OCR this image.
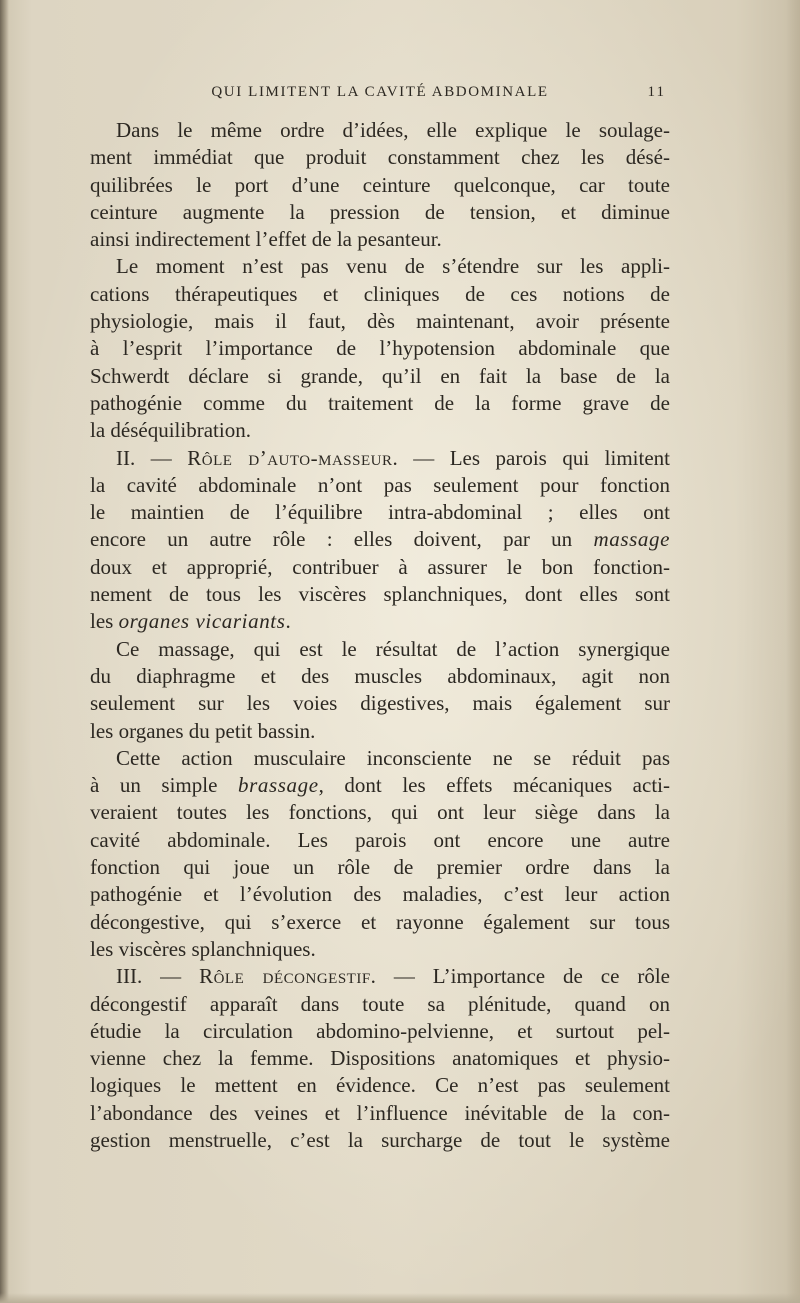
QUI LIMITENT LA CAVITÉ ABDOMINALE	11
Dans le même ordre d’idées, elle explique le soulage-
ment immédiat que produit constamment chez les désé-
quilibrées le port d’une ceinture quelconque, car toute
ceinture augmente la pression de tension, et diminue
ainsi indirectement l’effet de la pesanteur.
Le moment n’est pas venu de s’étendre sur les appli-
cations thérapeutiques et cliniques de ces notions de
physiologie, mais il faut, dès maintenant, avoir présente
à l’esprit l’importance de l’hypotension abdominale que
Schwerdt déclare si grande, qu’il en fait la base de la
pathogénie comme du traitement de la forme grave de
la déséquilibration.
II. — Rôle d’auto-masseur. — Les parois qui limitent
la cavité abdominale n’ont pas seulement pour fonction
le maintien de l’équilibre intra-abdominal ; elles ont
encore un autre rôle : elles doivent, par un massage
doux et approprié, contribuer à assurer le bon fonction-
nement de tous les viscères splanchniques, dont elles sont
les organes vicariants.
Ce massage, qui est le résultat de l’action synergique
du diaphragme et des muscles abdominaux, agit non
seulement sur les voies digestives, mais également sur
les organes du petit bassin.
Cette action musculaire inconsciente ne se réduit pas
à un simple brassage, dont les effets mécaniques acti-
veraient toutes les fonctions, qui ont leur siège dans la
cavité abdominale. Les parois ont encore une autre
fonction qui joue un rôle de premier ordre dans la
pathogénie et l’évolution des maladies, c’est leur action
décongestive, qui s’exerce et rayonne également sur tous
les viscères splanchniques.
III. — Rôle décongestif. — L’importance de ce rôle
décongestif apparaît dans toute sa plénitude, quand on
étudie la circulation abdomino-pelvienne, et surtout pel-
vienne chez la femme. Dispositions anatomiques et physio-
logiques le mettent en évidence. Ce n’est pas seulement
l’abondance des veines et l’influence inévitable de la con-
gestion menstruelle, c’est la surcharge de tout le système
